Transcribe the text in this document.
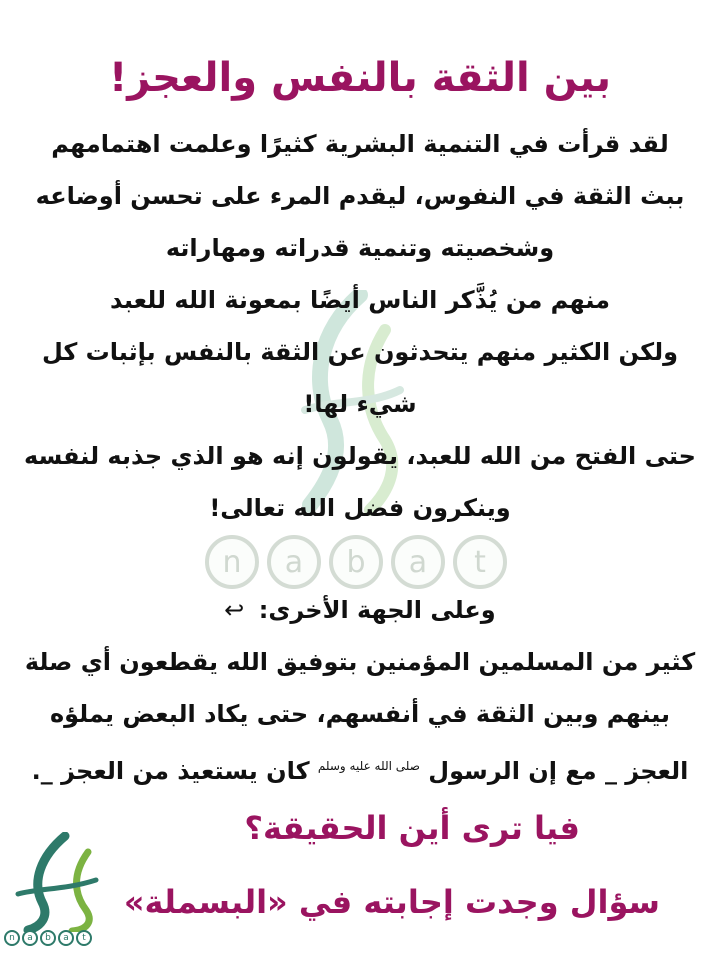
n	a	b	a	t
بين الثقة بالنفس والعجز!
لقد قرأت في التنمية البشرية كثيرًا وعلمت اهتمامهم
ببث الثقة في النفوس، ليقدم المرء على تحسن أوضاعه
وشخصيته وتنمية قدراته ومهاراته
منهم من يُذَّكر الناس أيضًا بمعونة الله للعبد
ولكن الكثير منهم يتحدثون عن الثقة بالنفس بإثبات كل
شيء لها!
حتى الفتح من الله للعبد، يقولون إنه هو الذي جذبه لنفسه
وينكرون فضل الله تعالى!
وعلى الجهة الأخرى: ↩
كثير من المسلمين المؤمنين بتوفيق الله يقطعون أي صلة
بينهم وبين الثقة في أنفسهم، حتى يكاد البعض يملؤه
العجز _ مع إن الرسول $^{صلى الله عليه وسلم}$ كان يستعيذ من العجز _.
فيا ترى أين الحقيقة؟
سؤال وجدت إجابته في «البسملة»
n	a	b	a	t
